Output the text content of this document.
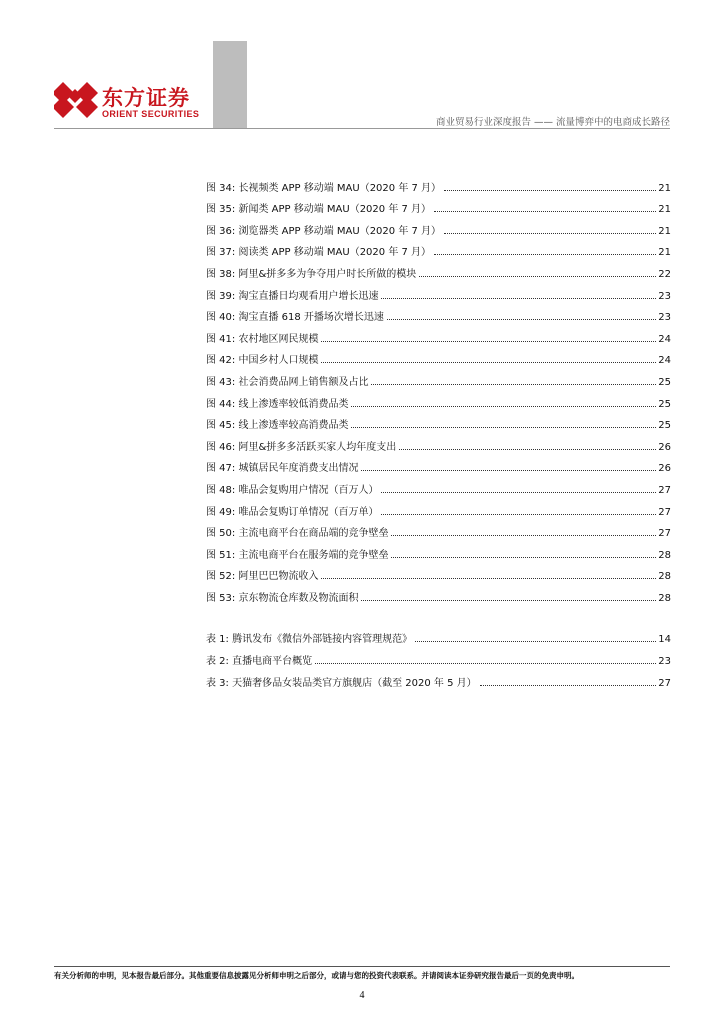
东方证券
ORIENT SECURITIES
商业贸易行业深度报告 —— 流量博弈中的电商成长路径
图 34: 长视频类 APP 移动端 MAU（2020 年 7 月）	21
图 35: 新闻类 APP 移动端 MAU（2020 年 7 月）	21
图 36: 浏览器类 APP 移动端 MAU（2020 年 7 月）	21
图 37: 阅读类 APP 移动端 MAU（2020 年 7 月）	21
图 38: 阿里&拼多多为争夺用户时长所做的模块	22
图 39: 淘宝直播日均观看用户增长迅速	23
图 40: 淘宝直播 618 开播场次增长迅速	23
图 41: 农村地区网民规模	24
图 42: 中国乡村人口规模	24
图 43: 社会消费品网上销售额及占比	25
图 44: 线上渗透率较低消费品类	25
图 45: 线上渗透率较高消费品类	25
图 46: 阿里&拼多多活跃买家人均年度支出	26
图 47: 城镇居民年度消费支出情况	26
图 48: 唯品会复购用户情况（百万人）	27
图 49: 唯品会复购订单情况（百万单）	27
图 50: 主流电商平台在商品端的竞争壁垒	27
图 51: 主流电商平台在服务端的竞争壁垒	28
图 52: 阿里巴巴物流收入	28
图 53: 京东物流仓库数及物流面积	28
表 1: 腾讯发布《微信外部链接内容管理规范》	14
表 2: 直播电商平台概览	23
表 3: 天猫奢侈品女装品类官方旗舰店（截至 2020 年 5 月）	27
有关分析师的申明，见本报告最后部分。其他重要信息披露见分析师申明之后部分，或请与您的投资代表联系。并请阅读本证券研究报告最后一页的免责申明。
4
